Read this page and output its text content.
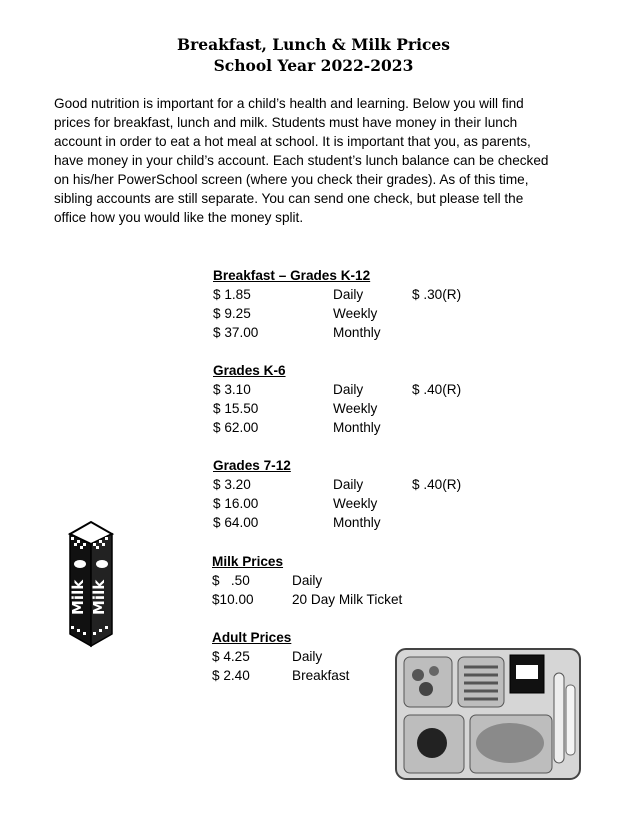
Breakfast, Lunch & Milk Prices
School Year 2022-2023
Good nutrition is important for a child’s health and learning. Below you will find
prices for breakfast, lunch and milk. Students must have money in their lunch
account in order to eat a hot meal at school. It is important that you, as parents,
have money in your child’s account. Each student’s lunch balance can be checked
on his/her PowerSchool screen (where you check their grades). As of this time,
sibling accounts are still separate. You can send one check, but please tell the
office how you would like the money split.
Breakfast – Grades K-12
$ 1.85	Daily	$ .30(R)
$ 9.25	Weekly
$ 37.00	Monthly
Grades K-6
$ 3.10	Daily	$ .40(R)
$ 15.50	Weekly
$ 62.00	Monthly
Grades 7-12
$ 3.20	Daily	$ .40(R)
$ 16.00	Weekly
$ 64.00	Monthly
Milk Prices
$   .50	Daily
$10.00	20 Day Milk Ticket
Adult Prices
$ 4.25	Daily
$ 2.40	Breakfast
Milk Milk
